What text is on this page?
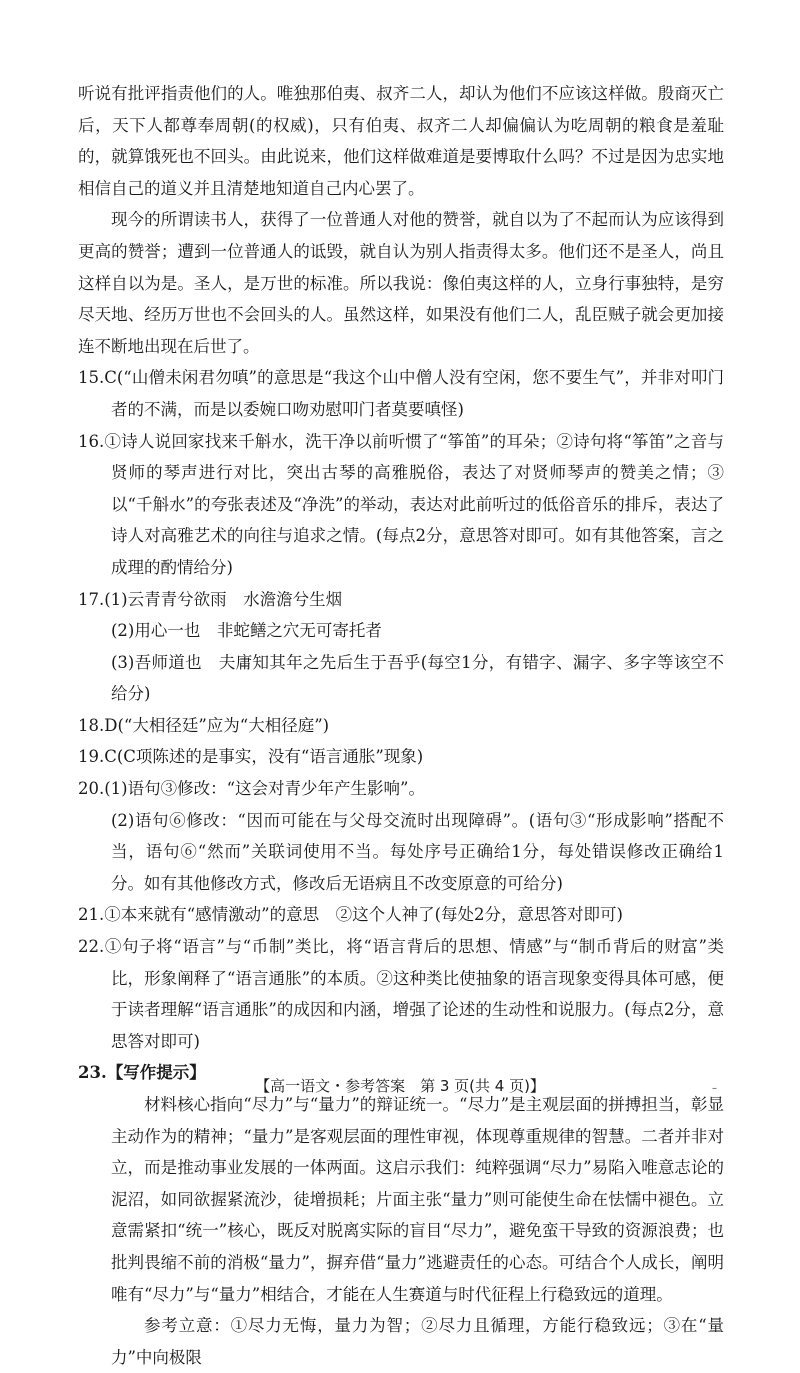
听说有批评指责他们的人。唯独那伯夷、叔齐二人，却认为他们不应该这样做。殷商灭亡后，天下人都尊奉周朝(的权威)，只有伯夷、叔齐二人却偏偏认为吃周朝的粮食是羞耻的，就算饿死也不回头。由此说来，他们这样做难道是要博取什么吗？不过是因为忠实地相信自己的道义并且清楚地知道自己内心罢了。

现今的所谓读书人，获得了一位普通人对他的赞誉，就自以为了不起而认为应该得到更高的赞誉；遭到一位普通人的诋毁，就自认为别人指责得太多。他们还不是圣人，尚且这样自以为是。圣人，是万世的标准。所以我说：像伯夷这样的人，立身行事独特，是穷尽天地、经历万世也不会回头的人。虽然这样，如果没有他们二人，乱臣贼子就会更加接连不断地出现在后世了。

15.C(“山僧未闲君勿嗔”的意思是“我这个山中僧人没有空闲，您不要生气”，并非对叩门者的不满，而是以委婉口吻劝慰叩门者莫要嗔怪)

16.①诗人说回家找来千斛水，洗干净以前听惯了“筝笛”的耳朵；②诗句将“筝笛”之音与贤师的琴声进行对比，突出古琴的高雅脱俗，表达了对贤师琴声的赞美之情；③以“千斛水”的夸张表述及“净洗”的举动，表达对此前听过的低俗音乐的排斥，表达了诗人对高雅艺术的向往与追求之情。(每点2分，意思答对即可。如有其他答案，言之成理的酌情给分)

17.(1)云青青兮欲雨　水澹澹兮生烟

(2)用心一也　非蛇鳝之穴无可寄托者

(3)吾师道也　夫庸知其年之先后生于吾乎(每空1分，有错字、漏字、多字等该空不给分)

18.D(“大相径廷”应为“大相径庭”)

19.C(C项陈述的是事实，没有“语言通胀”现象)

20.(1)语句③修改：“这会对青少年产生影响”。

(2)语句⑥修改：“因而可能在与父母交流时出现障碍”。(语句③“形成影响”搭配不当，语句⑥“然而”关联词使用不当。每处序号正确给1分，每处错误修改正确给1分。如有其他修改方式，修改后无语病且不改变原意的可给分)

21.①本来就有“感情激动”的意思　②这个人神了(每处2分，意思答对即可)

22.①句子将“语言”与“币制”类比，将“语言背后的思想、情感”与“制币背后的财富”类比，形象阐释了“语言通胀”的本质。②这种类比使抽象的语言现象变得具体可感，便于读者理解“语言通胀”的成因和内涵，增强了论述的生动性和说服力。(每点2分，意思答对即可)

23.【写作提示】

材料核心指向“尽力”与“量力”的辩证统一。“尽力”是主观层面的拼搏担当，彰显主动作为的精神；“量力”是客观层面的理性审视，体现尊重规律的智慧。二者并非对立，而是推动事业发展的一体两面。这启示我们：纯粹强调“尽力”易陷入唯意志论的泥沼，如同欲握紧流沙，徒增损耗；片面主张“量力”则可能使生命在怯懦中褪色。立意需紧扣“统一”核心，既反对脱离实际的盲目“尽力”，避免蛮干导致的资源浪费；也批判畏缩不前的消极“量力”，摒弃借“量力”逃避责任的心态。可结合个人成长，阐明唯有“尽力”与“量力”相结合，才能在人生赛道与时代征程上行稳致远的道理。

参考立意：①尽力无悔，量力为智；②尽力且循理，方能行稳致远；③在“量力”中向极限

【高一语文・参考答案　第 3 页(共 4 页)】	–
